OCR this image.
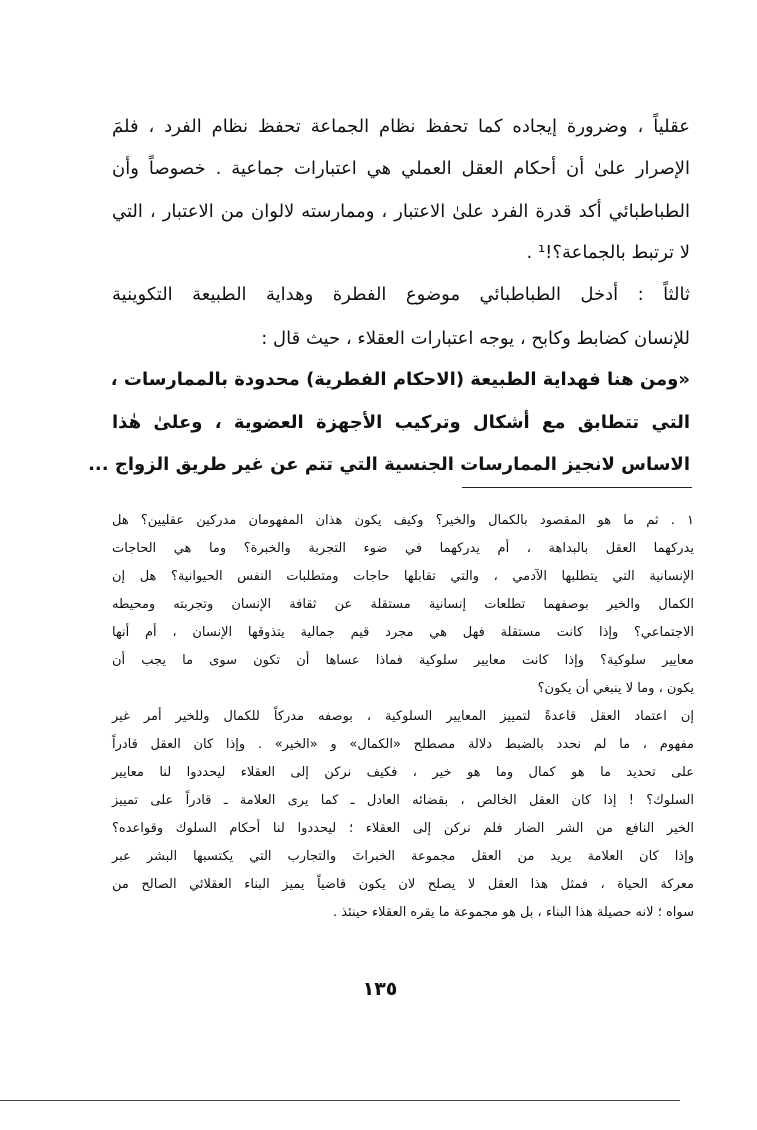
عقلياً ، وضرورة إيجاده كما تحفظ نظام الجماعة تحفظ نظام الفرد ، فلمَ
الإصرار علىٰ أن أحكام العقل العملي هي اعتبارات جماعية . خصوصاً وأن
الطباطبائي أكد قدرة الفرد علىٰ الاعتبار ، وممارسته لالوان من الاعتبار ، التي
لا ترتبط بالجماعة؟!¹ .
ثالثاً : أدخل الطباطبائي موضوع الفطرة وهداية الطبيعة التكوينية
للإنسان كضابط وكابح ، يوجه اعتبارات العقلاء ، حيث قال :
«ومن هنا فهداية الطبيعة (الاحكام الفطرية) محدودة بالممارسات ،
التي تتطابق مع أشكال وتركيب الأجهزة العضوية ، وعلىٰ هٰذا
الاساس لانجيز الممارسات الجنسية التي تتم عن غير طريق الزواج ...
١ . ثم ما هو المقصود بالكمال والخير؟ وكيف يكون هذان المفهومان مدركين عقليين؟ هل
يدركهما العقل بالبداهة ، أم يدركهما في ضوء التجربة والخبرة؟ وما هي الحاجات
الإنسانية التي يتطلبها الآدمي ، والتي تقابلها حاجات ومتطلبات النفس الحيوانية؟ هل إن
الكمال والخير بوصفهما تطلعات إنسانية مستقلة عن ثقافة الإنسان وتجربته ومحيطه
الاجتماعي؟ وإذا كانت مستقلة فهل هي مجرد قيم جمالية يتذوقها الإنسان ، أم أنها
معايير سلوكية؟ وإذا كانت معايير سلوكية فماذا عساها أن تكون سوى ما يجب أن
يكون ، وما لا ينبغي أن يكون؟
إن اعتماد العقل قاعدةً لتمييز المعايير السلوكية ، بوصفه مدركاً للكمال وللخير أمر غير
مفهوم ، ما لم نحدد بالضبط دلالة مصطلح «الكمال» و «الخير» . وإذا كان العقل قادراً
على تحديد ما هو كمال وما هو خير ، فكيف نركن إلى العقلاء ليحددوا لنا معايير
السلوك؟ ! إذا كان العقل الخالص ، بقضائه العادل ـ كما يرى العلامة ـ قادراً على تمييز
الخير النافع من الشر الضار فلم نركن إلى العقلاء ؛ ليحددوا لنا أحكام السلوك وقواعده؟
وإذا كان العلامة يريد من العقل مجموعة الخبراتَ والتجارب التي يكتسبها البشر عبر
معركة الحياة ، فمثل هذا العقل لا يصلح لان يكون قاضياً يميز البناء العقلائي الصالح من
سواه ؛ لانه حصيلة هذا البناء ، بل هو مجموعة ما يقره العقلاء حينئذ .
١٣٥
